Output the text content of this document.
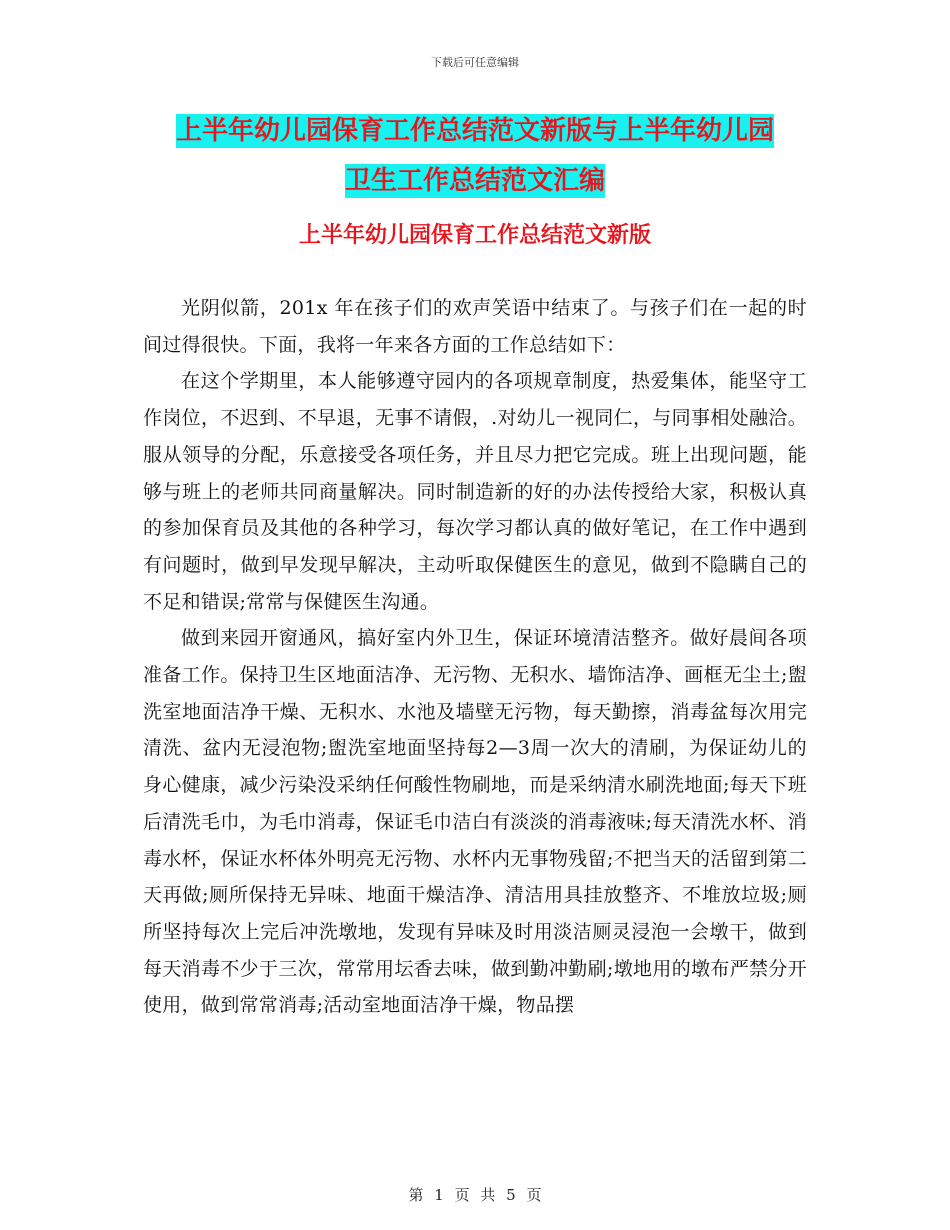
下载后可任意编辑
上半年幼儿园保育工作总结范文新版与上半年幼儿园
卫生工作总结范文汇编
上半年幼儿园保育工作总结范文新版

光阴似箭，201x 年在孩子们的欢声笑语中结束了。与孩子们在一起的时间过得很快。下面，我将一年来各方面的工作总结如下：

在这个学期里，本人能够遵守园内的各项规章制度，热爱集体，能坚守工作岗位，不迟到、不早退，无事不请假，.对幼儿一视同仁，与同事相处融洽。服从领导的分配，乐意接受各项任务，并且尽力把它完成。班上出现问题，能够与班上的老师共同商量解决。同时制造新的好的办法传授给大家，积极认真的参加保育员及其他的各种学习，每次学习都认真的做好笔记，在工作中遇到有问题时，做到早发现早解决，主动听取保健医生的意见，做到不隐瞒自己的不足和错误;常常与保健医生沟通。

做到来园开窗通风，搞好室内外卫生，保证环境清洁整齐。做好晨间各项准备工作。保持卫生区地面洁净、无污物、无积水、墙饰洁净、画框无尘土;盥洗室地面洁净干燥、无积水、水池及墙壁无污物，每天勤擦，消毒盆每次用完清洗、盆内无浸泡物;盥洗室地面坚持每2—3周一次大的清刷，为保证幼儿的身心健康，减少污染没采纳任何酸性物刷地，而是采纳清水刷洗地面;每天下班后清洗毛巾，为毛巾消毒，保证毛巾洁白有淡淡的消毒液味;每天清洗水杯、消毒水杯，保证水杯体外明亮无污物、水杯内无事物残留;不把当天的活留到第二天再做;厕所保持无异味、地面干燥洁净、清洁用具挂放整齐、不堆放垃圾;厕所坚持每次上完后冲洗墩地，发现有异味及时用淡洁厕灵浸泡一会墩干，做到每天消毒不少于三次，常常用坛香去味，做到勤冲勤刷;墩地用的墩布严禁分开使用，做到常常消毒;活动室地面洁净干燥，物品摆

第 1 页 共 5 页
